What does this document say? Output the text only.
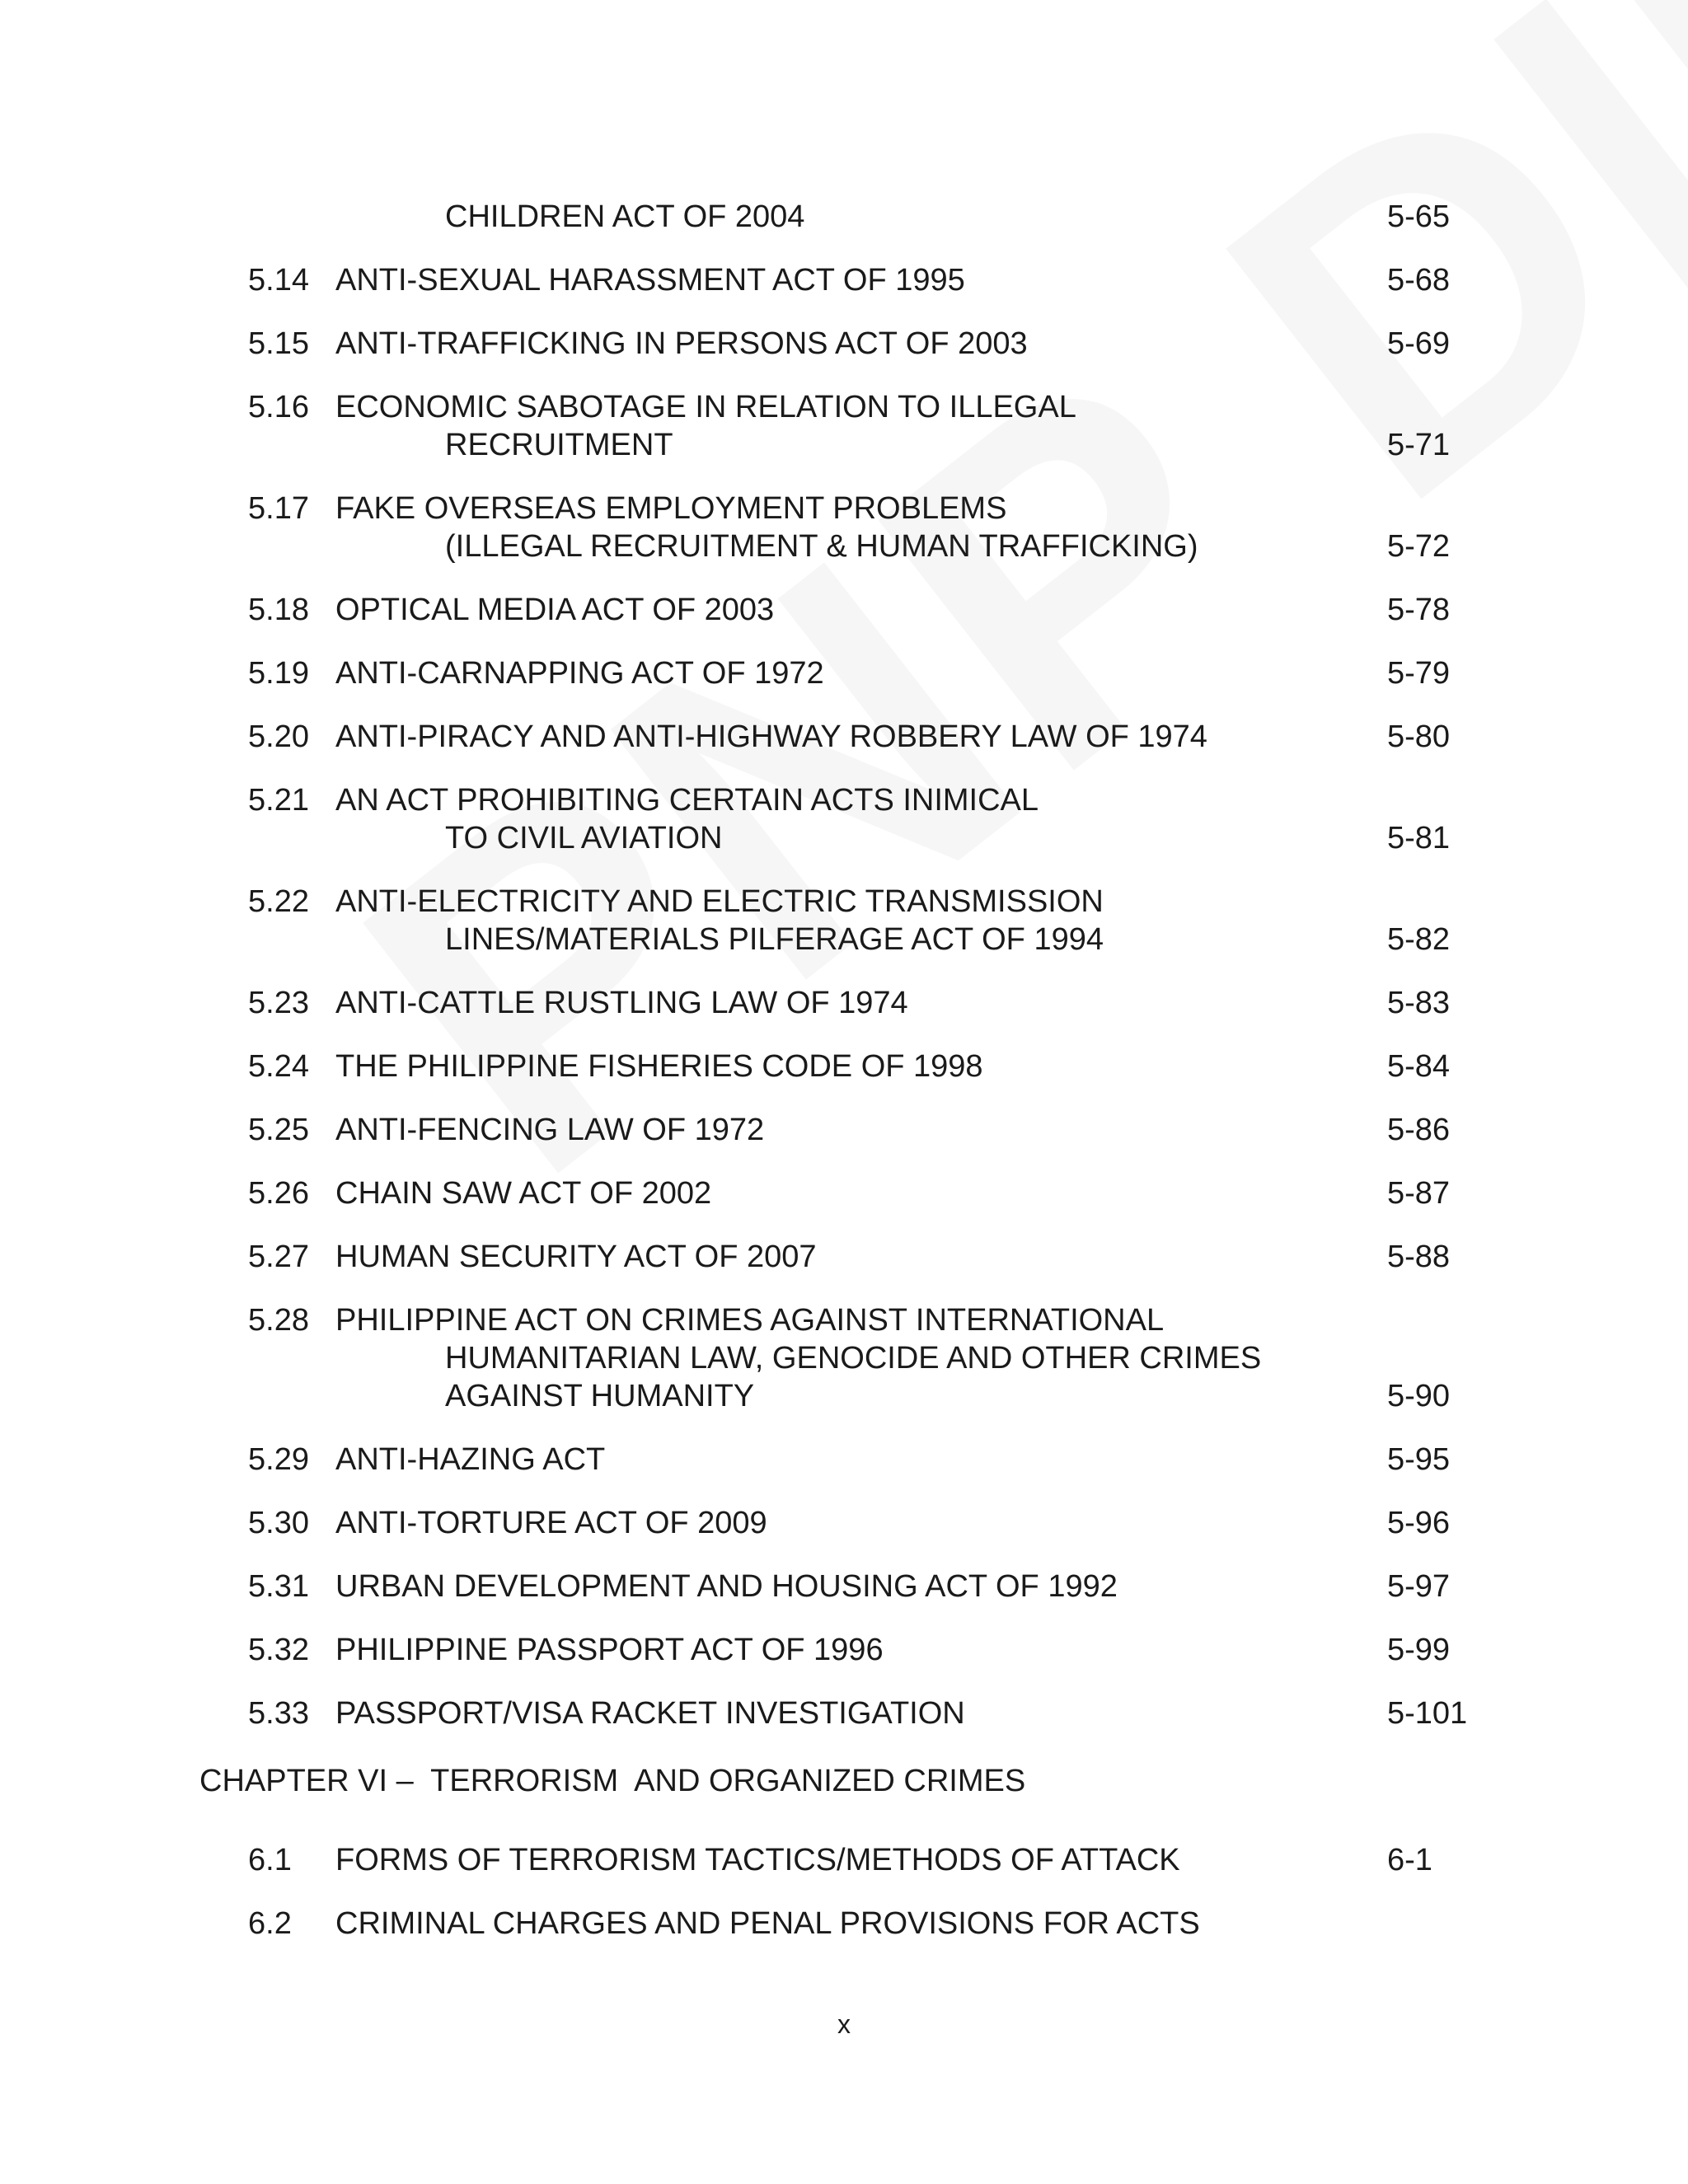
CHILDREN ACT OF 2004	5-65
5.14 ANTI-SEXUAL HARASSMENT ACT OF 1995	5-68
5.15 ANTI-TRAFFICKING IN PERSONS ACT OF 2003	5-69
5.16 ECONOMIC SABOTAGE IN RELATION TO ILLEGAL
RECRUITMENT	5-71
5.17 FAKE OVERSEAS EMPLOYMENT PROBLEMS
(ILLEGAL RECRUITMENT & HUMAN TRAFFICKING)	5-72
5.18 OPTICAL MEDIA ACT OF 2003	5-78
5.19 ANTI-CARNAPPING ACT OF 1972	5-79
5.20 ANTI-PIRACY AND ANTI-HIGHWAY ROBBERY LAW OF 1974	5-80
5.21 AN ACT PROHIBITING CERTAIN ACTS INIMICAL
TO CIVIL AVIATION	5-81
5.22 ANTI-ELECTRICITY AND ELECTRIC TRANSMISSION
LINES/MATERIALS PILFERAGE ACT OF 1994	5-82
5.23 ANTI-CATTLE RUSTLING LAW OF 1974	5-83
5.24 THE PHILIPPINE FISHERIES CODE OF 1998	5-84
5.25 ANTI-FENCING LAW OF 1972	5-86
5.26 CHAIN SAW ACT OF 2002	5-87
5.27 HUMAN SECURITY ACT OF 2007	5-88
5.28 PHILIPPINE ACT ON CRIMES AGAINST INTERNATIONAL
HUMANITARIAN LAW, GENOCIDE AND OTHER CRIMES
AGAINST HUMANITY	5-90
5.29 ANTI-HAZING ACT	5-95
5.30 ANTI-TORTURE ACT OF 2009	5-96
5.31 URBAN DEVELOPMENT AND HOUSING ACT OF 1992	5-97
5.32 PHILIPPINE PASSPORT ACT OF 1996	5-99
5.33 PASSPORT/VISA RACKET INVESTIGATION	5-101
CHAPTER VI –  TERRORISM  AND ORGANIZED CRIMES
6.1 FORMS OF TERRORISM TACTICS/METHODS OF ATTACK	6-1
6.2 CRIMINAL CHARGES AND PENAL PROVISIONS FOR ACTS
x
